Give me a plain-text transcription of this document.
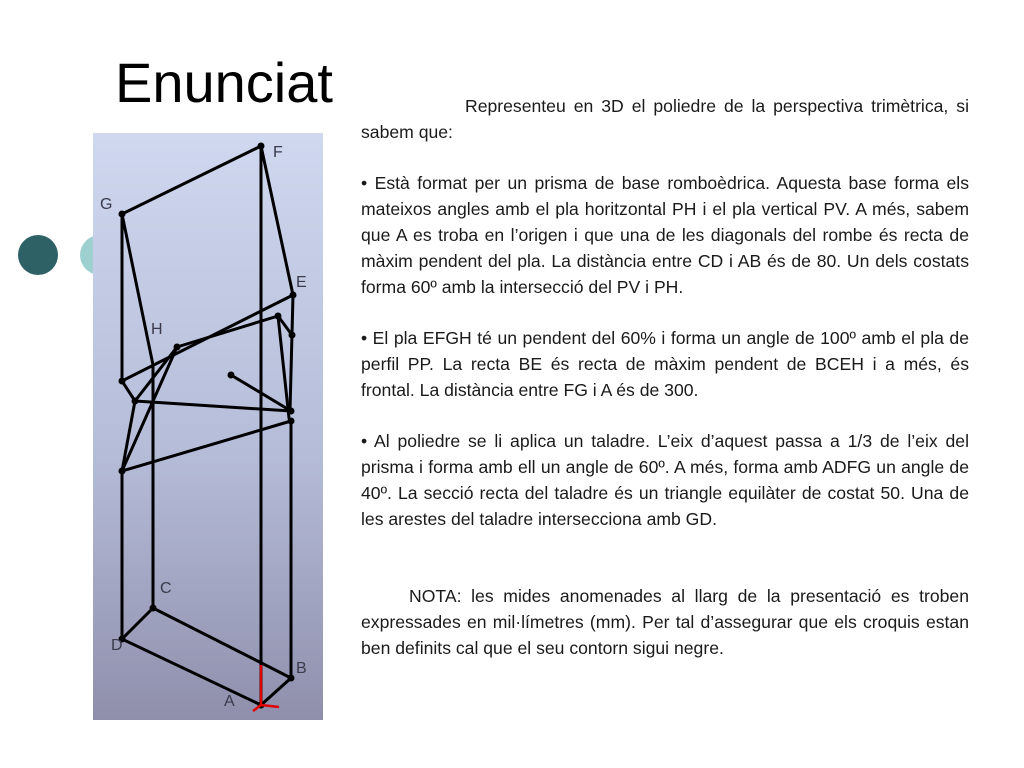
Enunciat
F
G
E
H
C
D
B
A

Representeu en 3D el poliedre de la perspectiva trimètrica, si sabem que:

• Està format per un prisma de base romboèdrica. Aquesta base forma els mateixos angles amb el pla horitzontal PH i el pla vertical PV. A més, sabem que A es troba en l’origen i que una de les diagonals del rombe és recta de màxim pendent del pla. La distància entre CD i AB és de 80. Un dels costats forma 60º amb la intersecció del PV i PH.

• El pla EFGH té un pendent del 60% i forma un angle de 100º amb el pla de perfil PP. La recta BE és recta de màxim pendent de BCEH i a més, és frontal. La distància entre FG i A és de 300.

• Al poliedre se li aplica un taladre. L’eix d’aquest passa a 1/3 de l’eix del prisma i forma amb ell un angle de 60º. A més, forma amb ADFG un angle de 40º. La secció recta del taladre és un triangle equilàter de costat 50. Una de les arestes del taladre intersecciona amb GD.

NOTA: les mides anomenades al llarg de la presentació es troben expressades en mil·límetres (mm). Per tal d’assegurar que els croquis estan ben definits cal que el seu contorn sigui negre.
